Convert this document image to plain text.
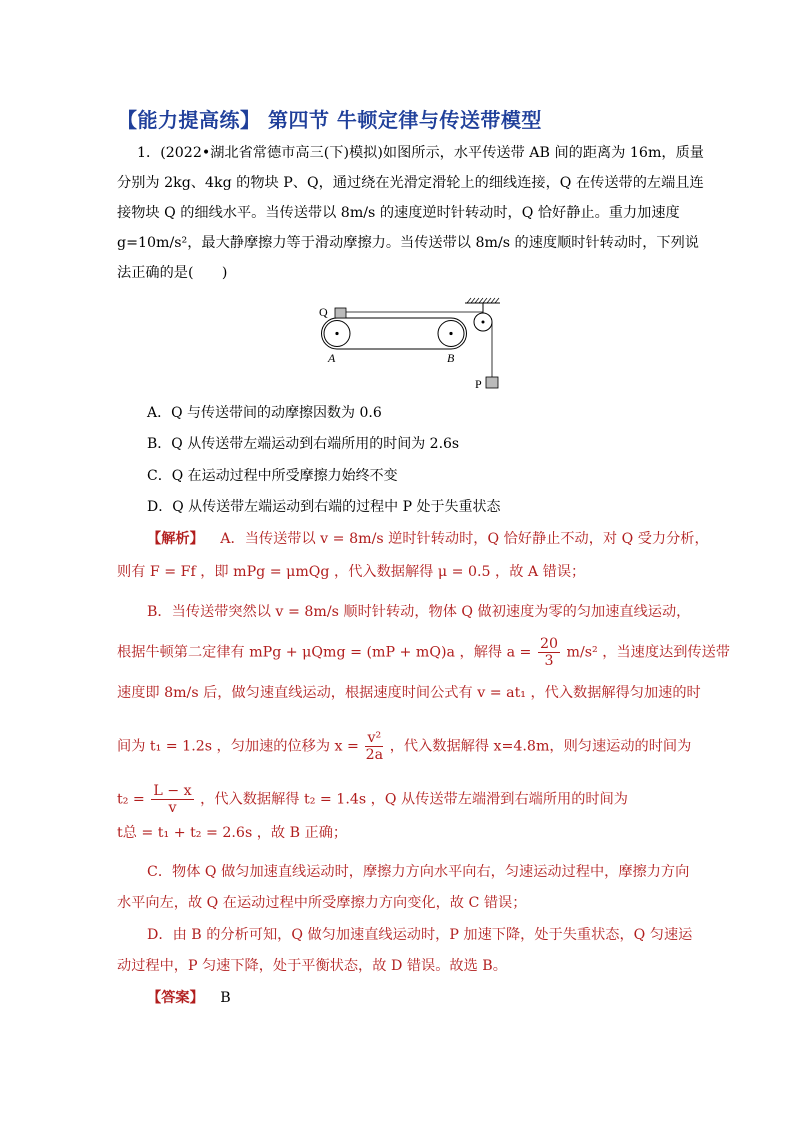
【能力提高练】 第四节 牛顿定律与传送带模型
1．(2022•湖北省常德市高三(下)模拟)如图所示，水平传送带 AB 间的距离为 16m，质量
分别为 2kg、4kg 的物块 P、Q，通过绕在光滑定滑轮上的细线连接，Q 在传送带的左端且连
接物块 Q 的细线水平。当传送带以 8m/s 的速度逆时针转动时，Q 恰好静止。重力加速度
g=10m/s²，最大静摩擦力等于滑动摩擦力。当传送带以 8m/s 的速度顺时针转动时，下列说
法正确的是(　　)
Q
A	B
P
A．Q 与传送带间的动摩擦因数为 0.6
B．Q 从传送带左端运动到右端所用的时间为 2.6s
C．Q 在运动过程中所受摩擦力始终不变
D．Q 从传送带左端运动到右端的过程中 P 处于失重状态
【解析】 A．当传送带以 v = 8m/s 逆时针转动时，Q 恰好静止不动，对 Q 受力分析，
则有 F = Ff ，即 mPg = μmQg ，代入数据解得 μ = 0.5 ，故 A 错误；
B．当传送带突然以 v = 8m/s 顺时针转动，物体 Q 做初速度为零的匀加速直线运动，
根据牛顿第二定律有 mPg + μQmg = (mP + mQ)a ，解得 $a = \frac{20}{3} m/s^2$ ，当速度达到传送带
速度即 8m/s 后，做匀速直线运动，根据速度时间公式有 v = at₁ ，代入数据解得匀加速的时
间为 t₁ = 1.2s ，匀加速的位移为 $x = \frac{\text{v²}}{2a}$ ，代入数据解得 x=4.8m，则匀速运动的时间为
$t_2 = \frac{L - x}{v}$ ，代入数据解得 t₂ = 1.4s ，Q 从传送带左端滑到右端所用的时间为
t总 = t₁ + t₂ = 2.6s ，故 B 正确；
C．物体 Q 做匀加速直线运动时，摩擦力方向水平向右，匀速运动过程中，摩擦力方向
水平向左，故 Q 在运动过程中所受摩擦力方向变化，故 C 错误；
D．由 B 的分析可知，Q 做匀加速直线运动时，P 加速下降，处于失重状态，Q 匀速运
动过程中，P 匀速下降，处于平衡状态，故 D 错误。故选 B。
【答案】 B
